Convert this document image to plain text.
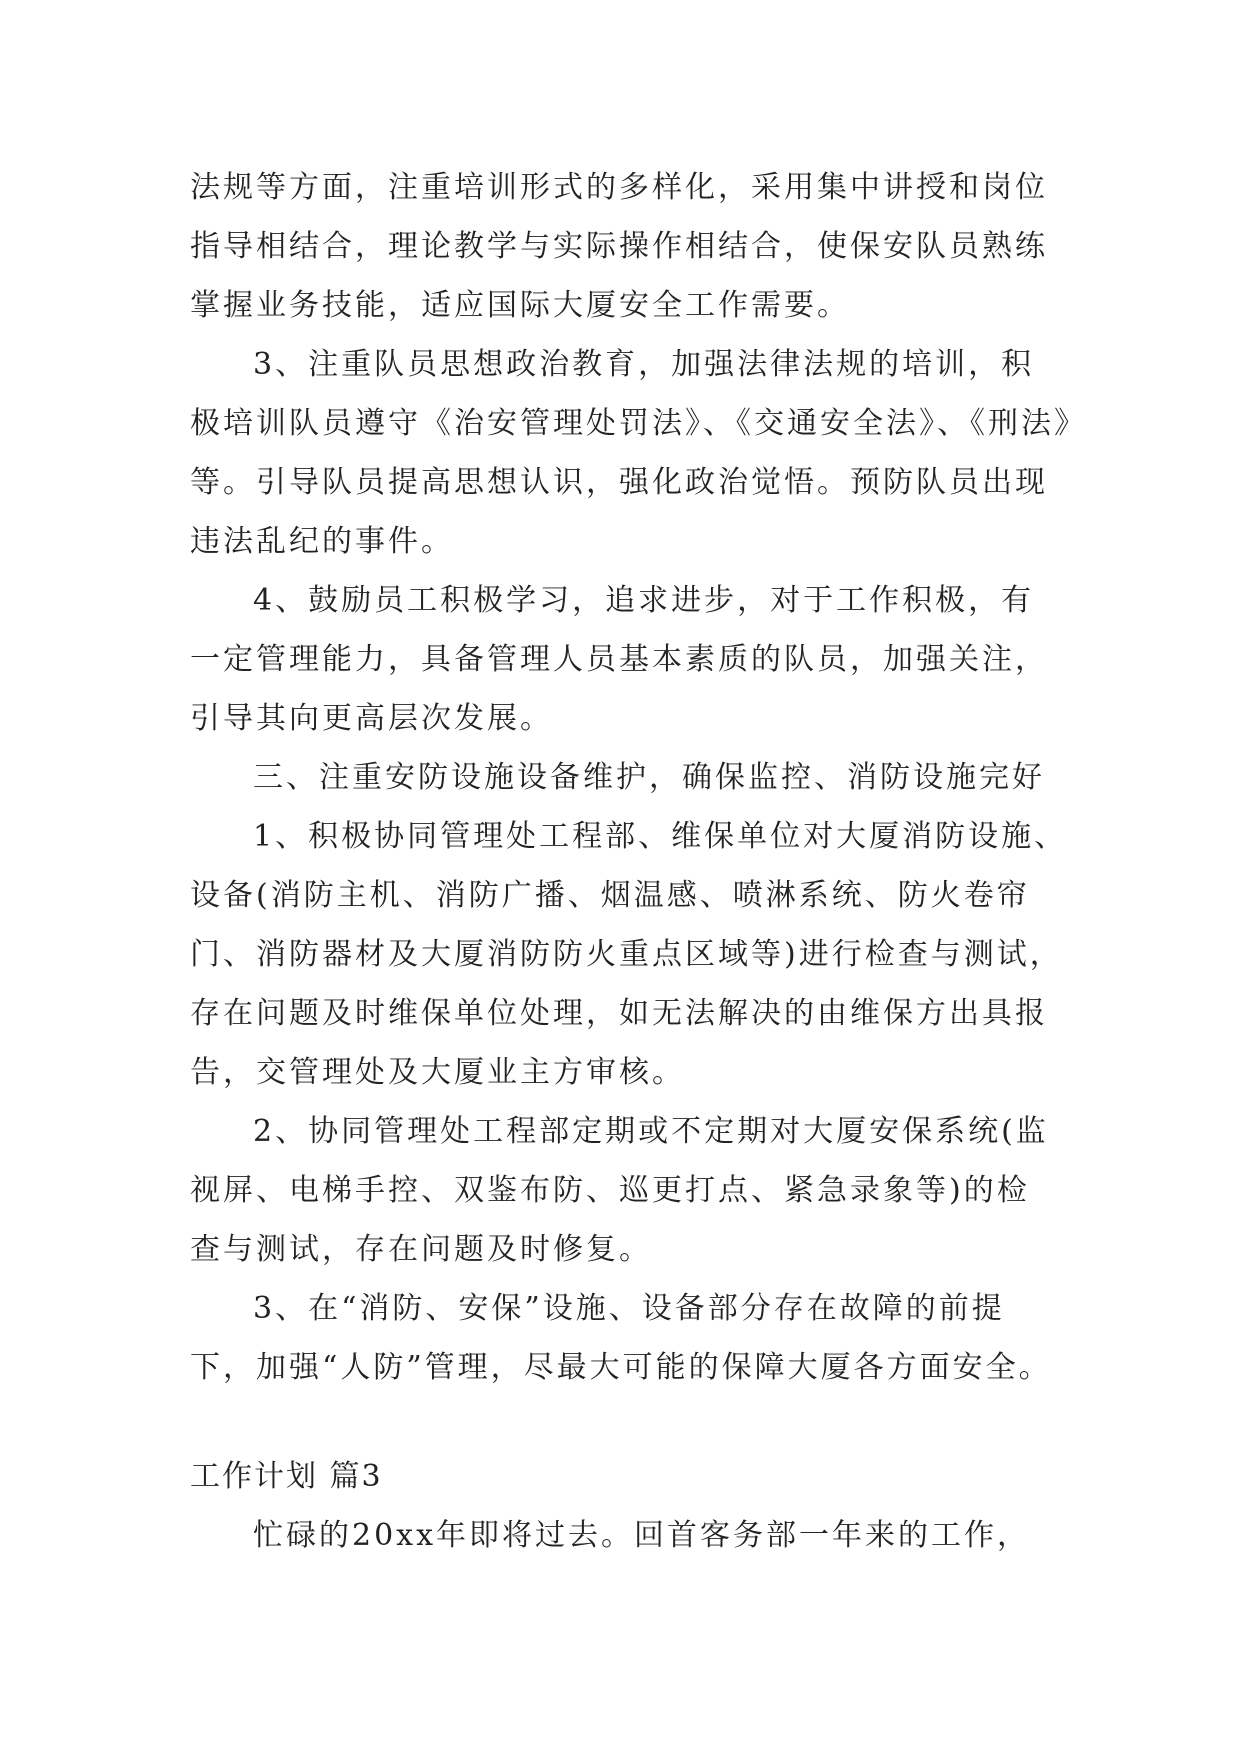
法规等方面，注重培训形式的多样化，采用集中讲授和岗位
指导相结合，理论教学与实际操作相结合，使保安队员熟练
掌握业务技能，适应国际大厦安全工作需要。
3、注重队员思想政治教育，加强法律法规的培训，积
极培训队员遵守《治安管理处罚法》、《交通安全法》、《刑法》
等。引导队员提高思想认识，强化政治觉悟。预防队员出现
违法乱纪的事件。
4、鼓励员工积极学习，追求进步，对于工作积极，有
一定管理能力，具备管理人员基本素质的队员，加强关注，
引导其向更高层次发展。
三、注重安防设施设备维护，确保监控、消防设施完好
1、积极协同管理处工程部、维保单位对大厦消防设施、
设备(消防主机、消防广播、烟温感、喷淋系统、防火卷帘
门、消防器材及大厦消防防火重点区域等)进行检查与测试，
存在问题及时维保单位处理，如无法解决的由维保方出具报
告，交管理处及大厦业主方审核。
2、协同管理处工程部定期或不定期对大厦安保系统(监
视屏、电梯手控、双鉴布防、巡更打点、紧急录象等)的检
查与测试，存在问题及时修复。
3、在“消防、安保”设施、设备部分存在故障的前提
下，加强“人防”管理，尽最大可能的保障大厦各方面安全。
工作计划 篇3
忙碌的20xx年即将过去。回首客务部一年来的工作，
